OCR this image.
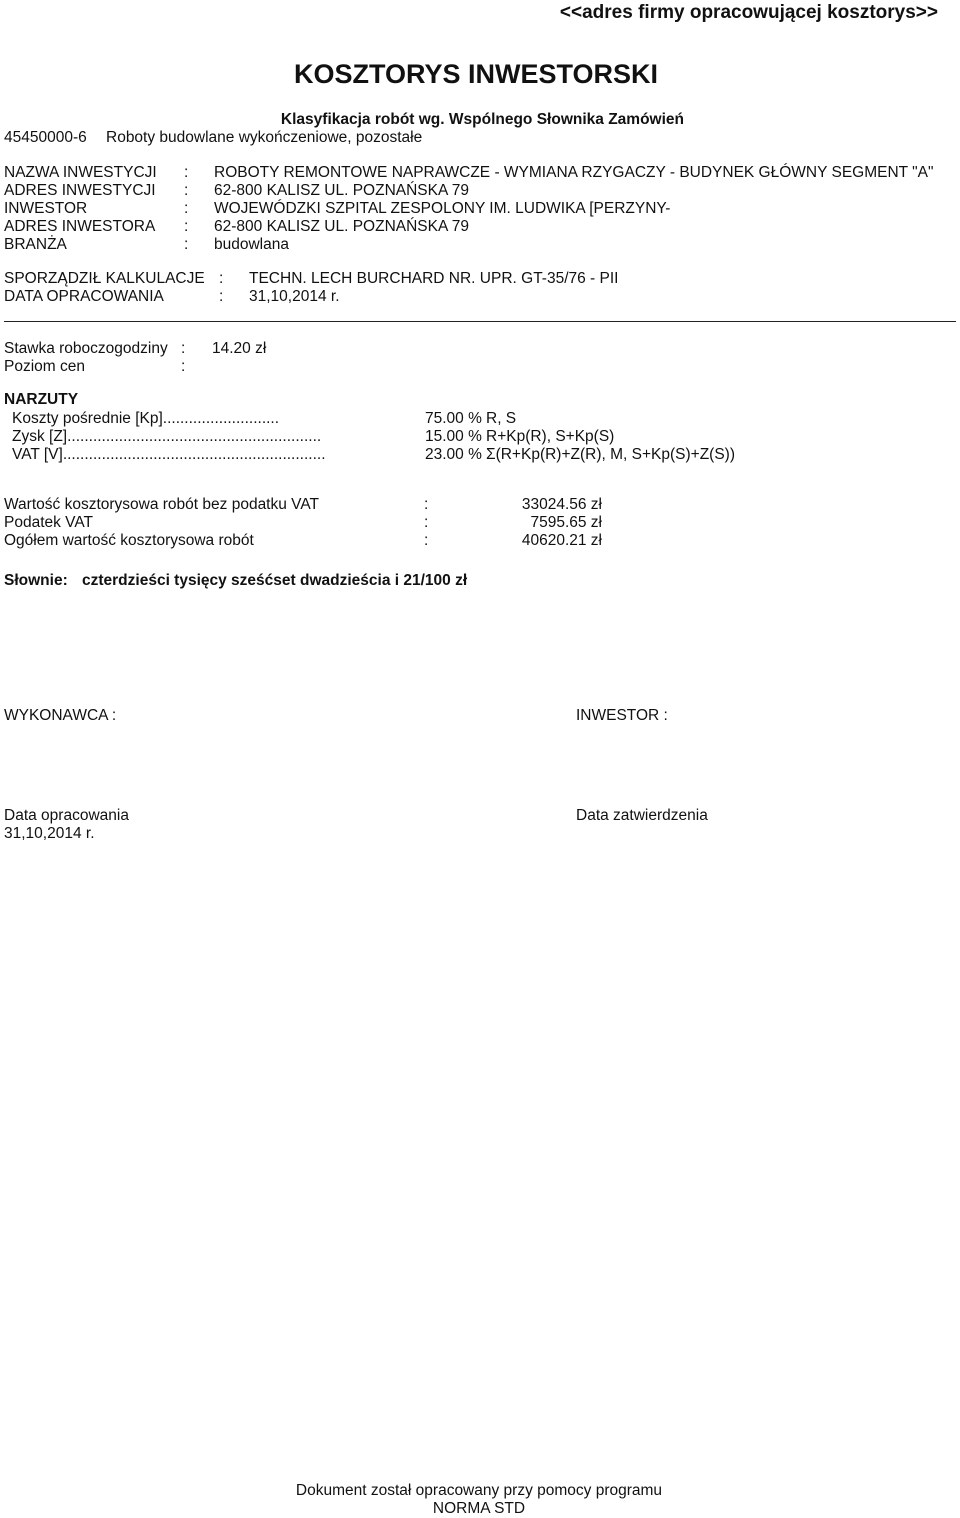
<<adres firmy opracowującej kosztorys>>
KOSZTORYS INWESTORSKI
Klasyfikacja robót wg. Wspólnego Słownika Zamówień
45450000-6 Roboty budowlane wykończeniowe, pozostałe
NAZWA INWESTYCJI : ROBOTY REMONTOWE NAPRAWCZE - WYMIANA RZYGACZY - BUDYNEK GŁÓWNY SEGMENT "A"
ADRES INWESTYCJI : 62-800 KALISZ UL. POZNAŃSKA 79
INWESTOR	: WOJEWÓDZKI SZPITAL ZESPOLONY IM. LUDWIKA [PERZYNY-
ADRES INWESTORA : 62-800 KALISZ UL. POZNAŃSKA 79
BRANŻA	: budowlana
SPORZĄDZIŁ KALKULACJE : TECHN. LECH BURCHARD NR. UPR. GT-35/76 - PII
DATA OPRACOWANIA	: 31,10,2014 r.
Stawka roboczogodziny : 14.20 zł
Poziom cen	:
NARZUTY
Koszty pośrednie [Kp]...........................	75.00 % R, S
Zysk [Z]...........................................................	15.00 % R+Kp(R), S+Kp(S)
VAT [V].............................................................	23.00 % Σ(R+Kp(R)+Z(R), M, S+Kp(S)+Z(S))
Wartość kosztorysowa robót bez podatku VAT	:	33024.56 zł
Podatek VAT	:	7595.65 zł
Ogółem wartość kosztorysowa robót	:	40620.21 zł
Słownie: czterdzieści tysięcy sześćset dwadzieścia i 21/100 zł
WYKONAWCA :	INWESTOR :
Data opracowania
31,10,2014 r.
Data zatwierdzenia
Dokument został opracowany przy pomocy programu
NORMA STD
